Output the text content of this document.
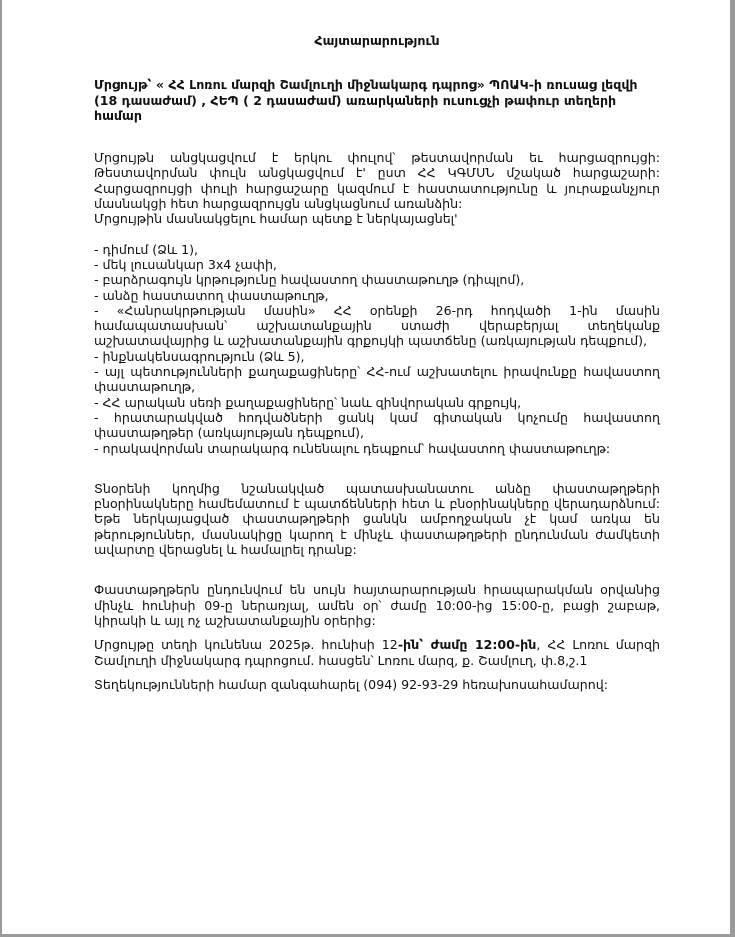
Հայտարարություն

Մրցույթ՝ « ՀՀ Լոռու մարզի Շամլուղի միջնակարգ դպրոց» ՊՈԱԿ-ի ռուսաց լեզվի (18 դասաժամ) , ՀԵՊ ( 2 դասաժամ) առարկաների ուսուցչի թափուր տեղերի համար

Մրցույթն անցկացվում է երկու փուլով՝ թեստավորման եւ հարցազրույցի: Թեստավորման փուլն անցկացվում է' ըստ ՀՀ ԿԳՄՍՆ մշակած հարցաշարի: Հարցազրույցի փուլի հարցաշարը կազմում է հաստատությունը և յուրաքանչյուր մասնակցի հետ հարցազրույցն անցկացնում առանձին:

Մրցույթին մասնակցելու համար պետք է ներկայացնել'

- դիմում (Ձև 1),
- մեկ լուսանկար 3x4 չափի,
- բարձրագույն կրթությունը հավաստող փաստաթուղթ (դիպլոմ),
- անձը հաստատող փաստաթուղթ,
- «Հանրակրթության մասին» ՀՀ օրենքի 26-րդ հոդվածի 1-ին մասին համապատասխան՝ աշխատանքային ստաժի վերաբերյալ տեղեկանք աշխատավայրից և աշխատանքային գրքույկի պատճենը (առկայության դեպքում),
- ինքնակենսագրություն (Ձև 5),
- այլ պետությունների քաղաքացիները՝ ՀՀ-ում աշխատելու իրավունքը հավաստող փաստաթուղթ,
- ՀՀ արական սեռի քաղաքացիները՝ նաև զինվորական գրքույկ,
- հրատարակված հոդվածների ցանկ կամ գիտական կոչումը հավաստող փաստաթղթեր (առկայության դեպքում),
- որակավորման տարակարգ ունենալու դեպքում՝ հավաստող փաստաթուղթ:

Տնօրենի կողմից նշանակված պատասխանատու անձը փաստաթղթերի բնօրինակները համեմատում է պատճենների հետ և բնօրինակները վերադարձնում: Եթե ներկայացված փաստաթղթերի ցանկն ամբողջական չէ կամ առկա են թերություններ, մասնակիցը կարող է մինչև փաստաթղթերի ընդունման ժամկետի ավարտը վերացնել և համալրել դրանք:

Փաստաթղթերն ընդունվում են սույն հայտարարության հրապարակման օրվանից մինչև հունիսի 09-ը ներառյալ, ամեն օր՝ ժամը 10:00-ից 15:00-ը, բացի շաբաթ, կիրակի և այլ ոչ աշխատանքային օրերից:

Մրցույթը տեղի կունենա 2025թ. հունիսի 12-ին՝ ժամը 12:00-ին, ՀՀ Լոռու մարզի Շամլուղի միջնակարգ դպրոցում. հասցեն՝ Լոռու մարզ, ք. Շամլուղ, փ.8,շ.1

Տեղեկությունների համար զանգահարել (094) 92-93-29 հեռախոսահամարով:
